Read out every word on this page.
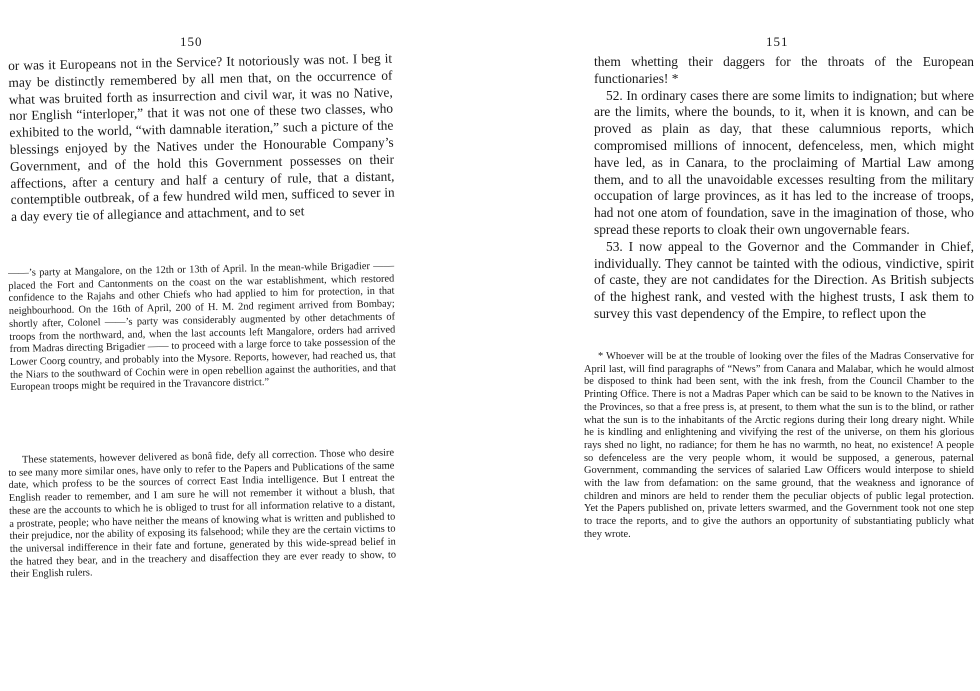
150

or was it Europeans not in the Service? It notoriously was not. I beg it may be distinctly remembered by all men that, on the occurrence of what was bruited forth as insurrection and civil war, it was no Native, nor English “interloper,” that it was not one of these two classes, who exhibited to the world, “with damnable iteration,” such a picture of the blessings enjoyed by the Natives under the Honourable Company’s Government, and of the hold this Government possesses on their affections, after a century and half a century of rule, that a distant, contemptible outbreak, of a few hundred wild men, sufficed to sever in a day every tie of allegiance and attachment, and to set

——’s party at Mangalore, on the 12th or 13th of April. In the mean-while Brigadier —— placed the Fort and Cantonments on the coast on the war establishment, which restored confidence to the Rajahs and other Chiefs who had applied to him for protection, in that neighbourhood. On the 16th of April, 200 of H. M. 2nd regiment arrived from Bombay; shortly after, Colonel ——’s party was considerably augmented by other detachments of troops from the northward, and, when the last accounts left Mangalore, orders had arrived from Madras directing Brigadier —— to proceed with a large force to take possession of the Lower Coorg country, and probably into the Mysore. Reports, however, had reached us, that the Niars to the southward of Cochin were in open rebellion against the authorities, and that European troops might be required in the Travancore district.”

These statements, however delivered as bonâ fide, defy all correction. Those who desire to see many more similar ones, have only to refer to the Papers and Publications of the same date, which profess to be the sources of correct East India intelligence. But I entreat the English reader to remember, and I am sure he will not remember it without a blush, that these are the accounts to which he is obliged to trust for all information relative to a distant, a prostrate, people; who have neither the means of knowing what is written and published to their prejudice, nor the ability of exposing its falsehood; while they are the certain victims to the universal indifference in their fate and fortune, generated by this wide-spread belief in the hatred they bear, and in the treachery and disaffection they are ever ready to show, to their English rulers.

151

them whetting their daggers for the throats of the European functionaries! *

52. In ordinary cases there are some limits to indignation; but where are the limits, where the bounds, to it, when it is known, and can be proved as plain as day, that these calumnious reports, which compromised millions of innocent, defenceless, men, which might have led, as in Canara, to the proclaiming of Martial Law among them, and to all the unavoidable excesses resulting from the military occupation of large provinces, as it has led to the increase of troops, had not one atom of foundation, save in the imagination of those, who spread these reports to cloak their own ungovernable fears.

53. I now appeal to the Governor and the Commander in Chief, individually. They cannot be tainted with the odious, vindictive, spirit of caste, they are not candidates for the Direction. As British subjects of the highest rank, and vested with the highest trusts, I ask them to survey this vast dependency of the Empire, to reflect upon the

* Whoever will be at the trouble of looking over the files of the Madras Conservative for April last, will find paragraphs of “News” from Canara and Malabar, which he would almost be disposed to think had been sent, with the ink fresh, from the Council Chamber to the Printing Office. There is not a Madras Paper which can be said to be known to the Natives in the Provinces, so that a free press is, at present, to them what the sun is to the blind, or rather what the sun is to the inhabitants of the Arctic regions during their long dreary night. While he is kindling and enlightening and vivifying the rest of the universe, on them his glorious rays shed no light, no radiance; for them he has no warmth, no heat, no existence! A people so defenceless are the very people whom, it would be supposed, a generous, paternal Government, commanding the services of salaried Law Officers would interpose to shield with the law from defamation: on the same ground, that the weakness and ignorance of children and minors are held to render them the peculiar objects of public legal protection. Yet the Papers published on, private letters swarmed, and the Government took not one step to trace the reports, and to give the authors an opportunity of substantiating publicly what they wrote.
